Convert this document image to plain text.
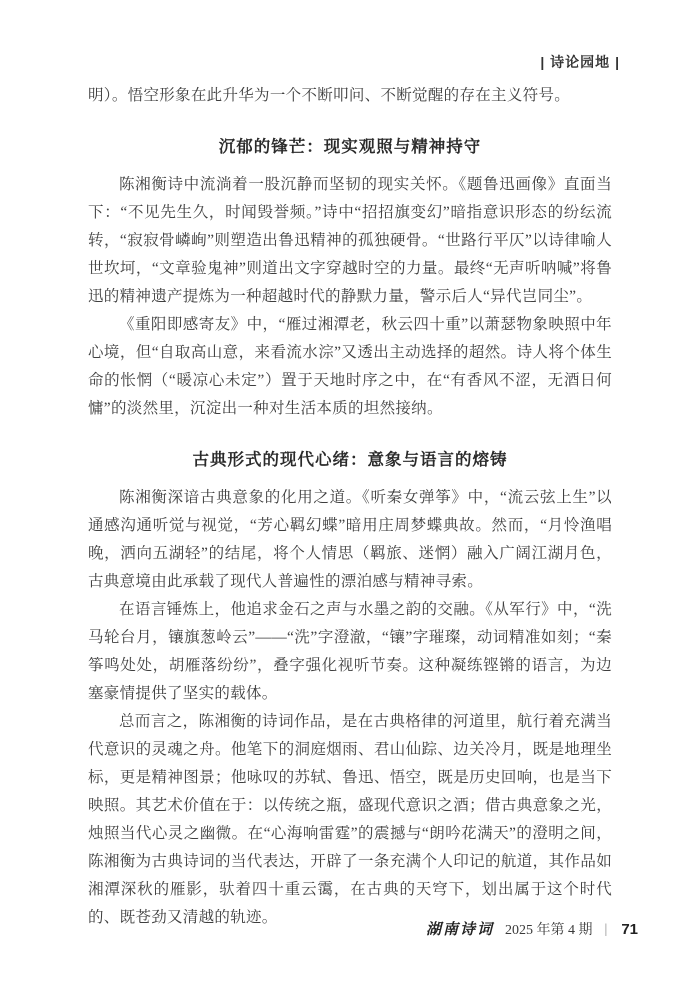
| 诗论园地 |

明）。悟空形象在此升华为一个不断叩问、不断觉醒的存在主义符号。

沉郁的锋芒：现实观照与精神持守

陈湘衡诗中流淌着一股沉静而坚韧的现实关怀。《题鲁迅画像》直面当下：“不见先生久，时闻毁誉频。”诗中“招招旗变幻”暗指意识形态的纷纭流转，“寂寂骨嶙峋”则塑造出鲁迅精神的孤独硬骨。“世路行平仄”以诗律喻人世坎坷，“文章验鬼神”则道出文字穿越时空的力量。最终“无声听呐喊”将鲁迅的精神遗产提炼为一种超越时代的静默力量，警示后人“异代岂同尘”。

《重阳即感寄友》中，“雁过湘潭老，秋云四十重”以萧瑟物象映照中年心境，但“自取高山意，来看流水淙”又透出主动选择的超然。诗人将个体生命的怅惘（“暖凉心未定”）置于天地时序之中，在“有香风不涩，无酒日何慵”的淡然里，沉淀出一种对生活本质的坦然接纳。

古典形式的现代心绪：意象与语言的熔铸

陈湘衡深谙古典意象的化用之道。《听秦女弹筝》中，“流云弦上生”以通感沟通听觉与视觉，“芳心羁幻蝶”暗用庄周梦蝶典故。然而，“月怜渔唱晚，洒向五湖轻”的结尾，将个人情思（羁旅、迷惘）融入广阔江湖月色，古典意境由此承载了现代人普遍性的漂泊感与精神寻索。

在语言锤炼上，他追求金石之声与水墨之韵的交融。《从军行》中，“洗马轮台月，镶旗葱岭云”——“洗”字澄澈，“镶”字璀璨，动词精准如刻；“秦筝鸣处处，胡雁落纷纷”，叠字强化视听节奏。这种凝练铿锵的语言，为边塞豪情提供了坚实的载体。

总而言之，陈湘衡的诗词作品，是在古典格律的河道里，航行着充满当代意识的灵魂之舟。他笔下的洞庭烟雨、君山仙踪、边关冷月，既是地理坐标，更是精神图景；他咏叹的苏轼、鲁迅、悟空，既是历史回响，也是当下映照。其艺术价值在于：以传统之瓶，盛现代意识之酒；借古典意象之光，烛照当代心灵之幽微。在“心海响雷霆”的震撼与“朗吟花满天”的澄明之间，陈湘衡为古典诗词的当代表达，开辟了一条充满个人印记的航道，其作品如湘潭深秋的雁影，驮着四十重云霭，在古典的天穹下，划出属于这个时代的、既苍劲又清越的轨迹。

湖南诗词 2025 年第 4 期 | 71
